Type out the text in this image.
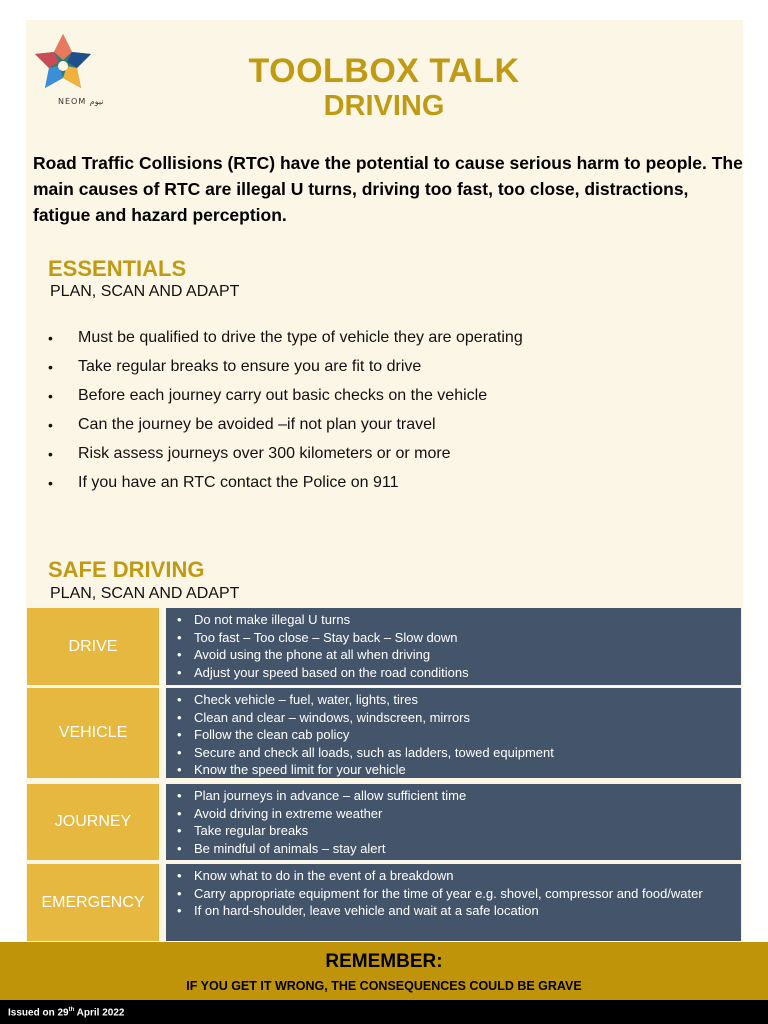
NEOM نيوم
TOOLBOX TALK
DRIVING
Road Traffic Collisions (RTC) have the potential to cause serious harm to people. The main causes of RTC are illegal U turns, driving too fast, too close, distractions, fatigue and hazard perception.
ESSENTIALS
PLAN, SCAN AND ADAPT
• Must be qualified to drive the type of vehicle they are operating
• Take regular breaks to ensure you are fit to drive
• Before each journey carry out basic checks on the vehicle
• Can the journey be avoided –if not plan your travel
• Risk assess journeys over 300 kilometers or or more
• If you have an RTC contact the Police on 911
SAFE DRIVING
PLAN, SCAN AND ADAPT
DRIVE
• Do not make illegal U turns
• Too fast – Too close – Stay back – Slow down
• Avoid using the phone at all when driving
• Adjust your speed based on the road conditions
VEHICLE
• Check vehicle – fuel, water, lights, tires
• Clean and clear – windows, windscreen, mirrors
• Follow the clean cab policy
• Secure and check all loads, such as ladders, towed equipment
• Know the speed limit for your vehicle
JOURNEY
• Plan journeys in advance – allow sufficient time
• Avoid driving in extreme weather
• Take regular breaks
• Be mindful of animals – stay alert
EMERGENCY
• Know what to do in the event of a breakdown
• Carry appropriate equipment for the time of year e.g. shovel, compressor and food/water
• If on hard-shoulder, leave vehicle and wait at a safe location
REMEMBER:
IF YOU GET IT WRONG, THE CONSEQUENCES COULD BE GRAVE
Issued on 29th April 2022
